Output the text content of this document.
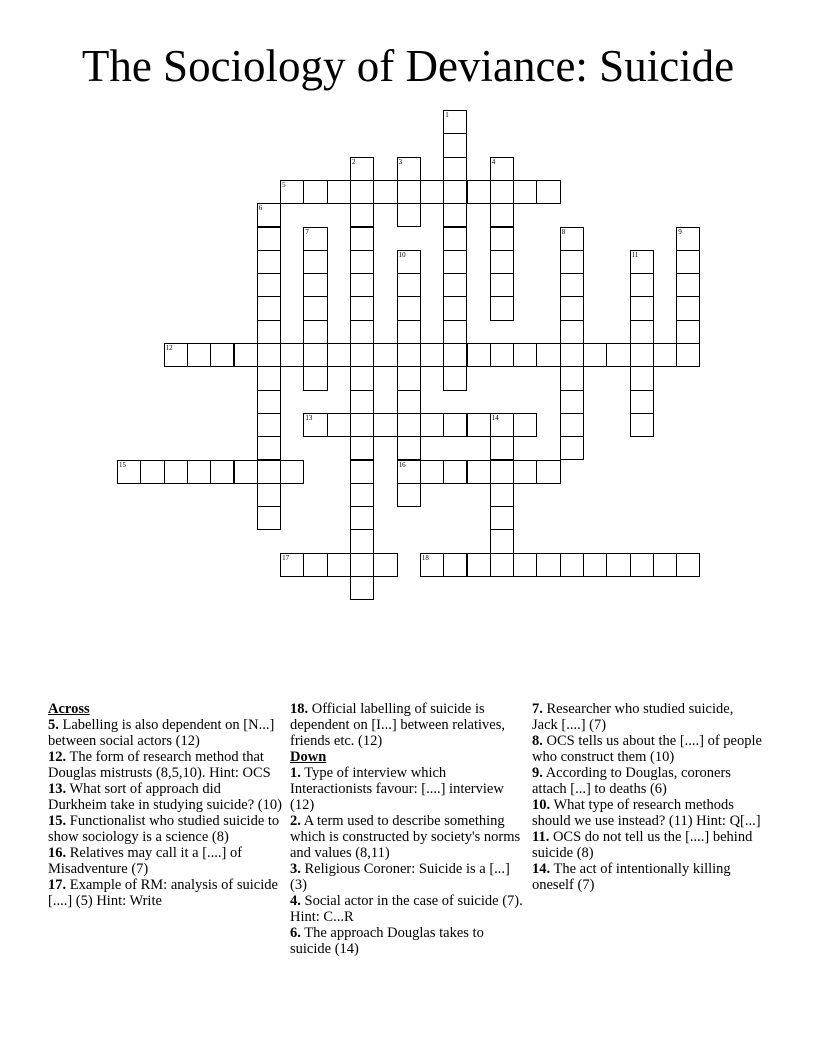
The Sociology of Deviance: Suicide
1
2	3	4
5
6
7	8	9
10
16
11
12
13	14
15
17	18
Across

5. Labelling is also dependent on [N...] between social actors (12)

12. The form of research method that Douglas mistrusts (8,5,10). Hint: OCS

13. What sort of approach did Durkheim take in studying suicide? (10)

15. Functionalist who studied suicide to show sociology is a science (8)

16. Relatives may call it a [....] of Misadventure (7)

17. Example of RM: analysis of suicide [....] (5) Hint: Write

18. Official labelling of suicide is dependent on [I...] between relatives, friends etc. (12)

Down

1. Type of interview which Interactionists favour: [....] interview (12)

2. A term used to describe something which is constructed by society's norms and values (8,11)

3. Religious Coroner: Suicide is a [...] (3)

4. Social actor in the case of suicide (7). Hint: C...R

6. The approach Douglas takes to suicide (14)

7. Researcher who studied suicide, Jack [....] (7)

8. OCS tells us about the [....] of people who construct them (10)

9. According to Douglas, coroners attach [...] to deaths (6)

10. What type of research methods should we use instead? (11) Hint: Q[...]

11. OCS do not tell us the [....] behind suicide (8)

14. The act of intentionally killing oneself (7)
